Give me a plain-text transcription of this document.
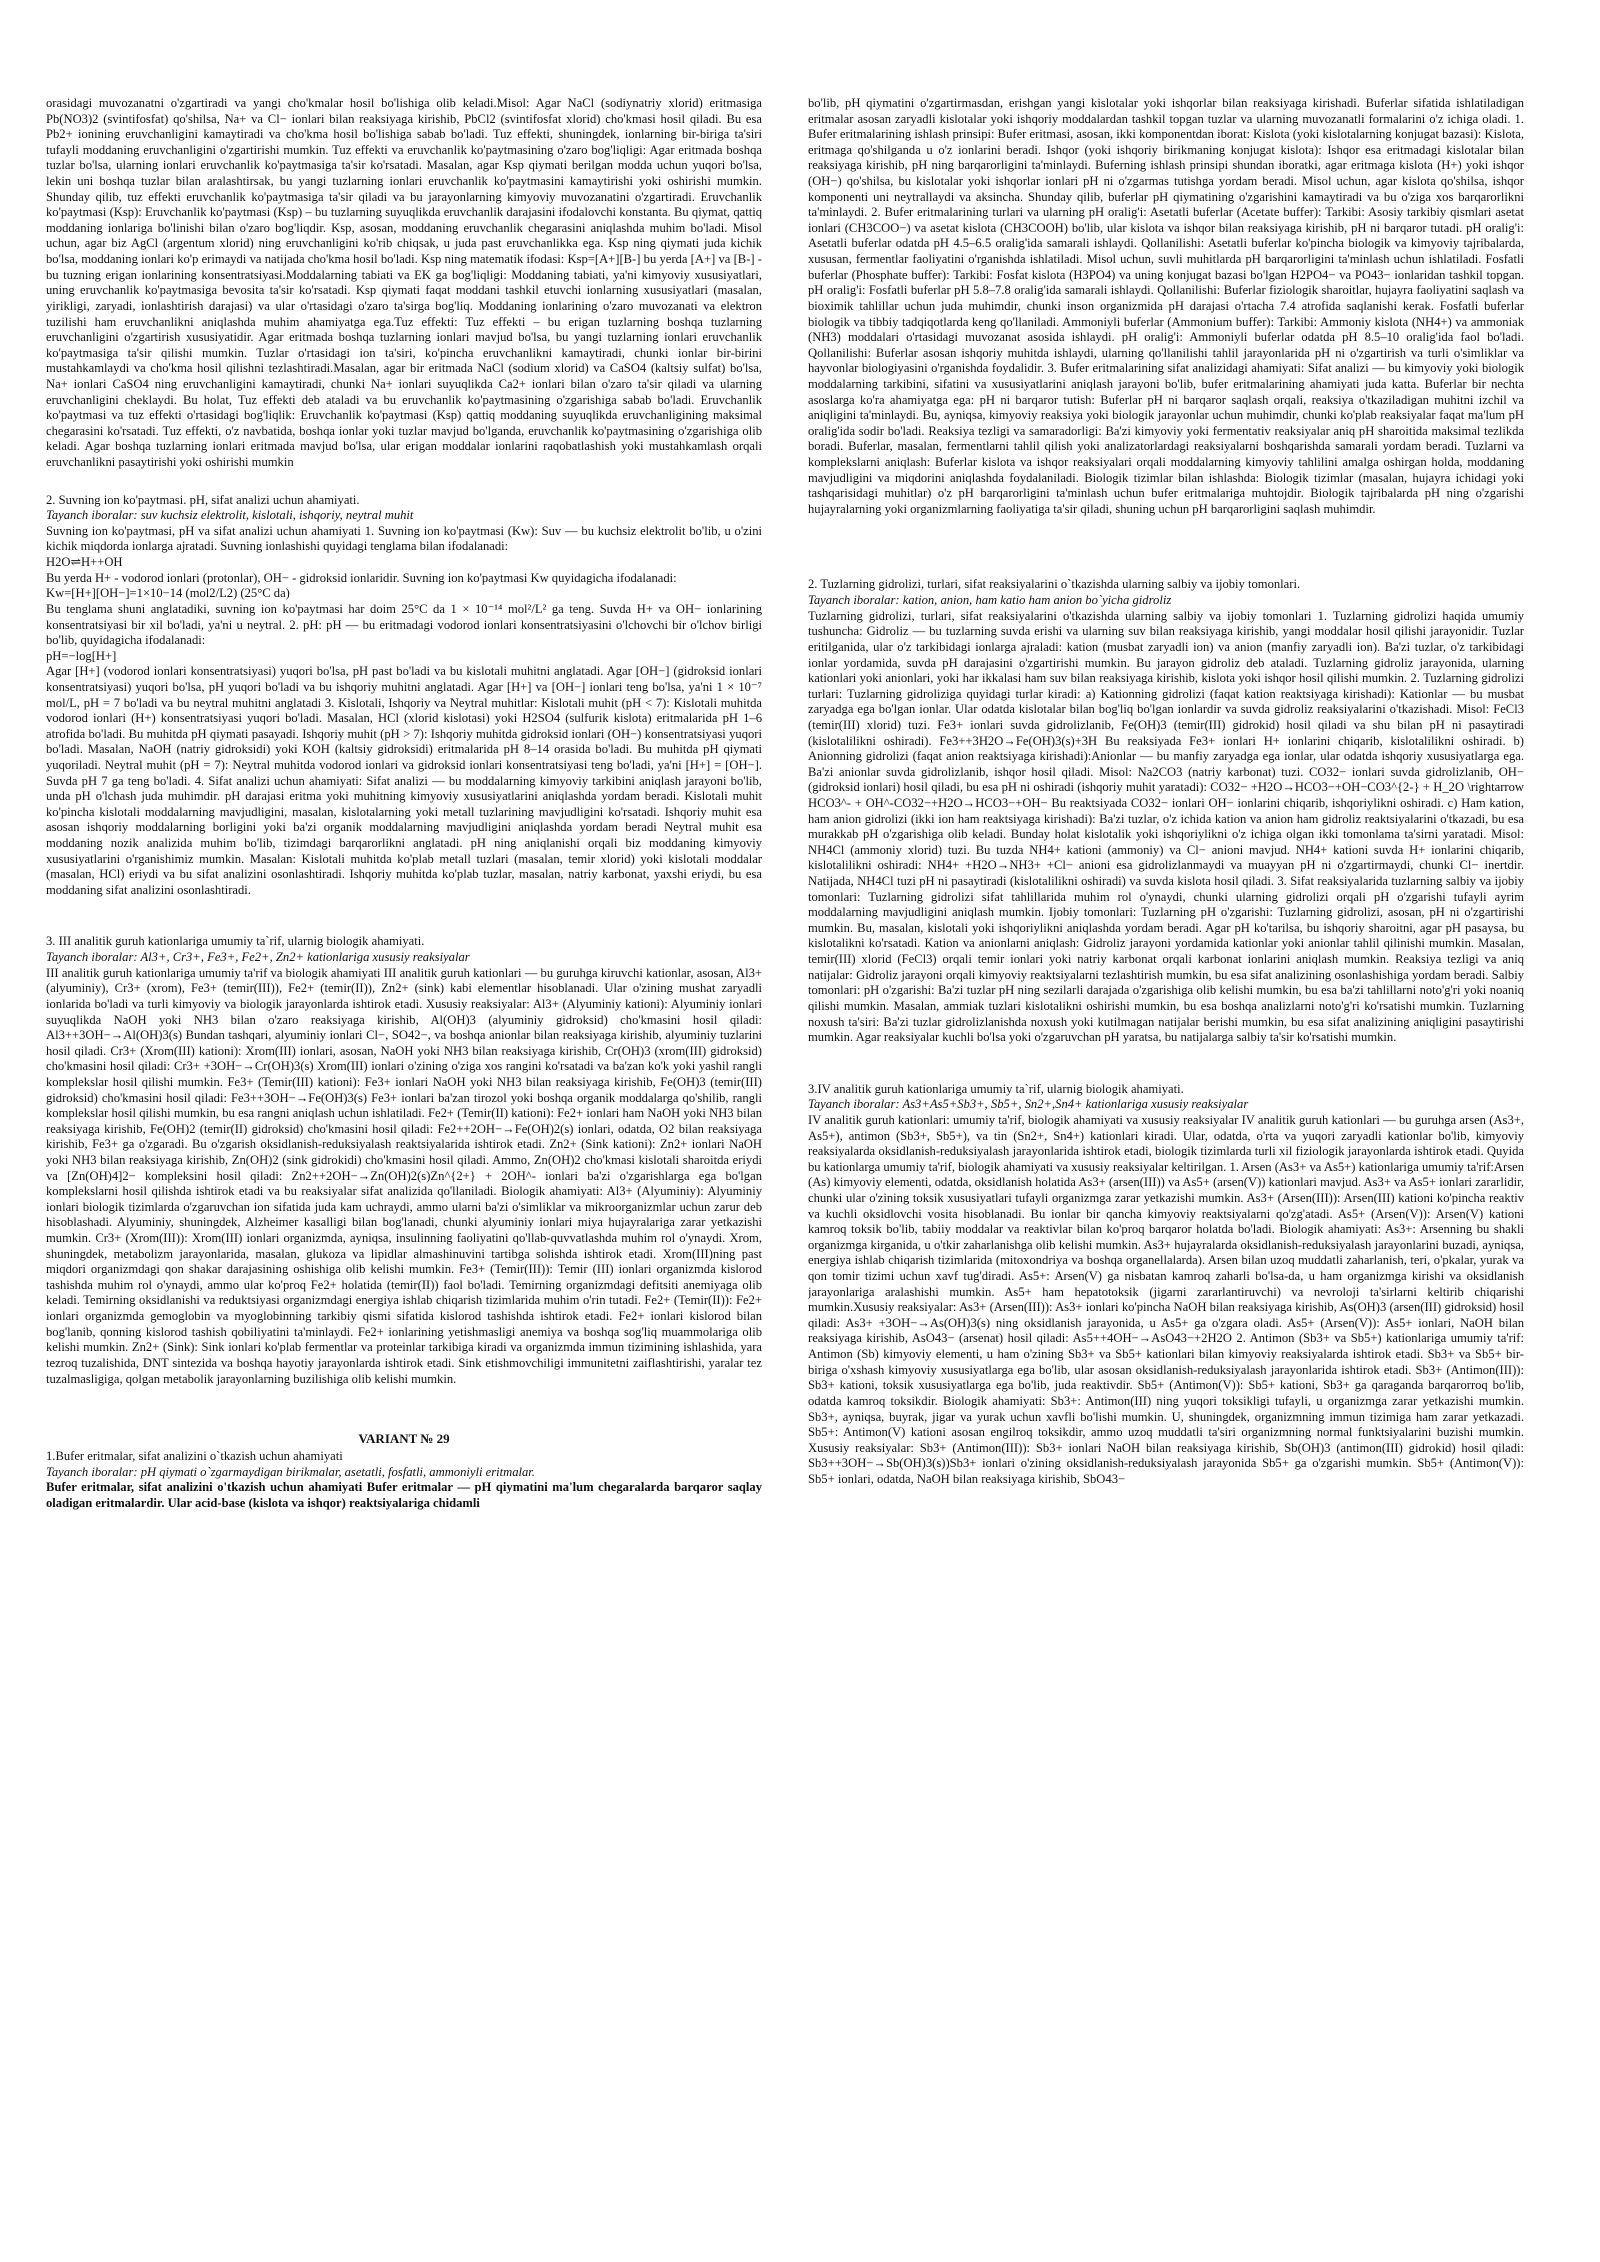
orasidagi muvozanatni o'zgartiradi va yangi cho'kmalar hosil bo'lishiga olib keladi.Misol: Agar NaCl (sodiynatriy xlorid) eritmasiga Pb(NO3)2 (svintifosfat) qo'shilsa, Na+ va Cl− ionlari bilan reaksiyaga kirishib, PbCl2 (svintifosfat xlorid) cho'kmasi hosil qiladi. Bu esa Pb2+ ionining eruvchanligini kamaytiradi va cho'kma hosil bo'lishiga sabab bo'ladi. Tuz effekti, shuningdek, ionlarning bir-biriga ta'siri tufayli moddaning eruvchanligini o'zgartirishi mumkin. Tuz effekti va eruvchanlik ko'paytmasining o'zaro bog'liqligi: Agar eritmada boshqa tuzlar bo'lsa, ularning ionlari eruvchanlik ko'paytmasiga ta'sir ko'rsatadi. Masalan, agar Ksp qiymati berilgan modda uchun yuqori bo'lsa, lekin uni boshqa tuzlar bilan aralashtirsak, bu yangi tuzlarning ionlari eruvchanlik ko'paytmasini kamaytirishi yoki oshirishi mumkin. Shunday qilib, tuz effekti eruvchanlik ko'paytmasiga ta'sir qiladi va bu jarayonlarning kimyoviy muvozanatini o'zgartiradi. Eruvchanlik ko'paytmasi (Ksp): Eruvchanlik ko'paytmasi (Ksp) – bu tuzlarning suyuqlikda eruvchanlik darajasini ifodalovchi konstanta. Bu qiymat, qattiq moddaning ionlariga bo'linishi bilan o'zaro bog'liqdir. Ksp, asosan, moddaning eruvchanlik chegarasini aniqlashda muhim bo'ladi. Misol uchun, agar biz AgCl (argentum xlorid) ning eruvchanligini ko'rib chiqsak, u juda past eruvchanlikka ega. Ksp ning qiymati juda kichik bo'lsa, moddaning ionlari ko'p erimaydi va natijada cho'kma hosil bo'ladi. Ksp ning matematik ifodasi: Ksp=[A+][B-] bu yerda [A+] va [B-] - bu tuzning erigan ionlarining konsentratsiyasi.Moddalarning tabiati va EK ga bog'liqligi: Moddaning tabiati, ya'ni kimyoviy xususiyatlari, uning eruvchanlik ko'paytmasiga bevosita ta'sir ko'rsatadi. Ksp qiymati faqat moddani tashkil etuvchi ionlarning xususiyatlari (masalan, yirikligi, zaryadi, ionlashtirish darajasi) va ular o'rtasidagi o'zaro ta'sirga bog'liq. Moddaning ionlarining o'zaro muvozanati va elektron tuzilishi ham eruvchanlikni aniqlashda muhim ahamiyatga ega.Tuz effekti: Tuz effekti – bu erigan tuzlarning boshqa tuzlarning eruvchanligini o'zgartirish xususiyatidir. Agar eritmada boshqa tuzlarning ionlari mavjud bo'lsa, bu yangi tuzlarning ionlari eruvchanlik ko'paytmasiga ta'sir qilishi mumkin. Tuzlar o'rtasidagi ion ta'siri, ko'pincha eruvchanlikni kamaytiradi, chunki ionlar bir-birini mustahkamlaydi va cho'kma hosil qilishni tezlashtiradi.Masalan, agar bir eritmada NaCl (sodium xlorid) va CaSO4 (kaltsiy sulfat) bo'lsa, Na+ ionlari CaSO4 ning eruvchanligini kamaytiradi, chunki Na+ ionlari suyuqlikda Ca2+ ionlari bilan o'zaro ta'sir qiladi va ularning eruvchanligini cheklaydi. Bu holat, Tuz effekti deb ataladi va bu eruvchanlik ko'paytmasining o'zgarishiga sabab bo'ladi. Eruvchanlik ko'paytmasi va tuz effekti o'rtasidagi bog'liqlik: Eruvchanlik ko'paytmasi (Ksp) qattiq moddaning suyuqlikda eruvchanligining maksimal chegarasini ko'rsatadi. Tuz effekti, o'z navbatida, boshqa ionlar yoki tuzlar mavjud bo'lganda, eruvchanlik ko'paytmasining o'zgarishiga olib keladi. Agar boshqa tuzlarning ionlari eritmada mavjud bo'lsa, ular erigan moddalar ionlarini raqobatlashish yoki mustahkamlash orqali eruvchanlikni pasaytirishi yoki oshirishi mumkin

2. Suvning ion ko'paytmasi. pH, sifat analizi uchun ahamiyati.

Tayanch iboralar: suv kuchsiz elektrolit, kislotali, ishqoriy, neytral muhit

Suvning ion ko'paytmasi, pH va sifat analizi uchun ahamiyati 1. Suvning ion ko'paytmasi (Kw): Suv — bu kuchsiz elektrolit bo'lib, u o'zini kichik miqdorda ionlarga ajratadi. Suvning ionlashishi quyidagi tenglama bilan ifodalanadi:

H2O⇌H++OH

Bu yerda H+ - vodorod ionlari (protonlar), OH− - gidroksid ionlaridir. Suvning ion ko'paytmasi Kw quyidagicha ifodalanadi:

Kw=[H+][OH−]=1×10−14 (mol2/L2) (25°C da)

Bu tenglama shuni anglatadiki, suvning ion ko'paytmasi har doim 25°C da 1 × 10⁻¹⁴ mol²/L² ga teng. Suvda H+ va OH− ionlarining konsentratsiyasi bir xil bo'ladi, ya'ni u neytral. 2. pH: pH — bu eritmadagi vodorod ionlari konsentratsiyasini o'lchovchi bir o'lchov birligi bo'lib, quyidagicha ifodalanadi:

pH=−log[H+]

Agar [H+] (vodorod ionlari konsentratsiyasi) yuqori bo'lsa, pH past bo'ladi va bu kislotali muhitni anglatadi. Agar [OH−] (gidroksid ionlari konsentratsiyasi) yuqori bo'lsa, pH yuqori bo'ladi va bu ishqoriy muhitni anglatadi. Agar [H+] va [OH−] ionlari teng bo'lsa, ya'ni 1 × 10⁻⁷ mol/L, pH = 7 bo'ladi va bu neytral muhitni anglatadi 3. Kislotali, Ishqoriy va Neytral muhitlar: Kislotali muhit (pH < 7): Kislotali muhitda vodorod ionlari (H+) konsentratsiyasi yuqori bo'ladi. Masalan, HCl (xlorid kislotasi) yoki H2SO4 (sulfurik kislota) eritmalarida pH 1–6 atrofida bo'ladi. Bu muhitda pH qiymati pasayadi. Ishqoriy muhit (pH > 7): Ishqoriy muhitda gidroksid ionlari (OH−) konsentratsiyasi yuqori bo'ladi. Masalan, NaOH (natriy gidroksidi) yoki KOH (kaltsiy gidroksidi) eritmalarida pH 8–14 orasida bo'ladi. Bu muhitda pH qiymati yuqoriladi. Neytral muhit (pH = 7): Neytral muhitda vodorod ionlari va gidroksid ionlari konsentratsiyasi teng bo'ladi, ya'ni [H+] = [OH−]. Suvda pH 7 ga teng bo'ladi. 4. Sifat analizi uchun ahamiyati: Sifat analizi — bu moddalarning kimyoviy tarkibini aniqlash jarayoni bo'lib, unda pH o'lchash juda muhimdir. pH darajasi eritma yoki muhitning kimyoviy xususiyatlarini aniqlashda yordam beradi. Kislotali muhit ko'pincha kislotali moddalarning mavjudligini, masalan, kislotalarning yoki metall tuzlarining mavjudligini ko'rsatadi. Ishqoriy muhit esa asosan ishqoriy moddalarning borligini yoki ba'zi organik moddalarning mavjudligini aniqlashda yordam beradi Neytral muhit esa moddaning nozik analizida muhim bo'lib, tizimdagi barqarorlikni anglatadi. pH ning aniqlanishi orqali biz moddaning kimyoviy xususiyatlarini o'rganishimiz mumkin. Masalan: Kislotali muhitda ko'plab metall tuzlari (masalan, temir xlorid) yoki kislotali moddalar (masalan, HCl) eriydi va bu sifat analizini osonlashtiradi. Ishqoriy muhitda ko'plab tuzlar, masalan, natriy karbonat, yaxshi eriydi, bu esa moddaning sifat analizini osonlashtiradi.

3. III analitik guruh kationlariga umumiy ta`rif, ularnig biologik ahamiyati.

Tayanch iboralar: Al3+, Cr3+, Fe3+, Fe2+, Zn2+ kationlariga xususiy reaksiyalar

III analitik guruh kationlariga umumiy ta'rif va biologik ahamiyati III analitik guruh kationlari — bu guruhga kiruvchi kationlar, asosan, Al3+ (alyuminiy), Cr3+ (xrom), Fe3+ (temir(III)), Fe2+ (temir(II)), Zn2+ (sink) kabi elementlar hisoblanadi. Ular o'zining mushat zaryadli ionlarida bo'ladi va turli kimyoviy va biologik jarayonlarda ishtirok etadi. Xususiy reaksiyalar: Al3+ (Alyuminiy kationi): Alyuminiy ionlari suyuqlikda NaOH yoki NH3 bilan o'zaro reaksiyaga kirishib, Al(OH)3 (alyuminiy gidroksid) cho'kmasini hosil qiladi: Al3++3OH−→Al(OH)3(s) Bundan tashqari, alyuminiy ionlari Cl−, SO42−, va boshqa anionlar bilan reaksiyaga kirishib, alyuminiy tuzlarini hosil qiladi. Cr3+ (Xrom(III) kationi): Xrom(III) ionlari, asosan, NaOH yoki NH3 bilan reaksiyaga kirishib, Cr(OH)3 (xrom(III) gidroksid) cho'kmasini hosil qiladi: Cr3+ +3OH−→Cr(OH)3(s) Xrom(III) ionlari o'zining o'ziga xos rangini ko'rsatadi va ba'zan ko'k yoki yashil rangli komplekslar hosil qilishi mumkin. Fe3+ (Temir(III) kationi): Fe3+ ionlari NaOH yoki NH3 bilan reaksiyaga kirishib, Fe(OH)3 (temir(III) gidroksid) cho'kmasini hosil qiladi: Fe3++3OH−→Fe(OH)3(s) Fe3+ ionlari ba'zan tirozol yoki boshqa organik moddalarga qo'shilib, rangli komplekslar hosil qilishi mumkin, bu esa rangni aniqlash uchun ishlatiladi. Fe2+ (Temir(II) kationi): Fe2+ ionlari ham NaOH yoki NH3 bilan reaksiyaga kirishib, Fe(OH)2 (temir(II) gidroksid) cho'kmasini hosil qiladi: Fe2++2OH−→Fe(OH)2(s) ionlari, odatda, O2 bilan reaksiyaga kirishib, Fe3+ ga o'zgaradi. Bu o'zgarish oksidlanish-reduksiyalash reaktsiyalarida ishtirok etadi. Zn2+ (Sink kationi): Zn2+ ionlari NaOH yoki NH3 bilan reaksiyaga kirishib, Zn(OH)2 (sink gidrokidi) cho'kmasini hosil qiladi. Ammo, Zn(OH)2 cho'kmasi kislotali sharoitda eriydi va [Zn(OH)4]2− kompleksini hosil qiladi: Zn2++2OH−→Zn(OH)2(s)Zn^{2+} + 2OH^- ionlari ba'zi o'zgarishlarga ega bo'lgan komplekslarni hosil qilishda ishtirok etadi va bu reaksiyalar sifat analizida qo'llaniladi. Biologik ahamiyati: Al3+ (Alyuminiy): Alyuminiy ionlari biologik tizimlarda o'zgaruvchan ion sifatida juda kam uchraydi, ammo ularni ba'zi o'simliklar va mikroorganizmlar uchun zarur deb hisoblashadi. Alyuminiy, shuningdek, Alzheimer kasalligi bilan bog'lanadi, chunki alyuminiy ionlari miya hujayralariga zarar yetkazishi mumkin. Cr3+ (Xrom(III)): Xrom(III) ionlari organizmda, ayniqsa, insulinning faoliyatini qo'llab-quvvatlashda muhim rol o'ynaydi. Xrom, shuningdek, metabolizm jarayonlarida, masalan, glukoza va lipidlar almashinuvini tartibga solishda ishtirok etadi. Xrom(III)ning past miqdori organizmdagi qon shakar darajasining oshishiga olib kelishi mumkin. Fe3+ (Temir(III)): Temir (III) ionlari organizmda kislorod tashishda muhim rol o'ynaydi, ammo ular ko'proq Fe2+ holatida (temir(II)) faol bo'ladi. Temirning organizmdagi defitsiti anemiyaga olib keladi. Temirning oksidlanishi va reduktsiyasi organizmdagi energiya ishlab chiqarish tizimlarida muhim o'rin tutadi. Fe2+ (Temir(II)): Fe2+ ionlari organizmda gemoglobin va myoglobinning tarkibiy qismi sifatida kislorod tashishda ishtirok etadi. Fe2+ ionlari kislorod bilan bog'lanib, qonning kislorod tashish qobiliyatini ta'minlaydi. Fe2+ ionlarining yetishmasligi anemiya va boshqa sog'liq muammolariga olib kelishi mumkin. Zn2+ (Sink): Sink ionlari ko'plab fermentlar va proteinlar tarkibiga kiradi va organizmda immun tizimining ishlashida, yara tezroq tuzalishida, DNT sintezida va boshqa hayotiy jarayonlarda ishtirok etadi. Sink etishmovchiligi immunitetni zaiflashtirishi, yaralar tez tuzalmasligiga, qolgan metabolik jarayonlarning buzilishiga olib kelishi mumkin.

VARIANT № 29

1.Bufer eritmalar, sifat analizini o`tkazish uchun ahamiyati

Tayanch iboralar: pH qiymati o`zgarmaydigan birikmalar, asetatli, fosfatli, ammoniyli eritmalar.

Bufer eritmalar, sifat analizini o'tkazish uchun ahamiyati Bufer eritmalar — pH qiymatini ma'lum chegaralarda barqaror saqlay oladigan eritmalardir. Ular acid-base (kislota va ishqor) reaktsiyalariga chidamli

bo'lib, pH qiymatini o'zgartirmasdan, erishgan yangi kislotalar yoki ishqorlar bilan reaksiyaga kirishadi. Buferlar sifatida ishlatiladigan eritmalar asosan zaryadli kislotalar yoki ishqoriy moddalardan tashkil topgan tuzlar va ularning muvozanatli formalarini o'z ichiga oladi. 1. Bufer eritmalarining ishlash prinsipi: Bufer eritmasi, asosan, ikki komponentdan iborat: Kislota (yoki kislotalarning konjugat bazasi): Kislota, eritmaga qo'shilganda u o'z ionlarini beradi. Ishqor (yoki ishqoriy birikmaning konjugat kislota): Ishqor esa eritmadagi kislotalar bilan reaksiyaga kirishib, pH ning barqarorligini ta'minlaydi. Buferning ishlash prinsipi shundan iboratki, agar eritmaga kislota (H+) yoki ishqor (OH−) qo'shilsa, bu kislotalar yoki ishqorlar ionlari pH ni o'zgarmas tutishga yordam beradi. Misol uchun, agar kislota qo'shilsa, ishqor komponenti uni neytrallaydi va aksincha. Shunday qilib, buferlar pH qiymatining o'zgarishini kamaytiradi va bu o'ziga xos barqarorlikni ta'minlaydi. 2. Bufer eritmalarining turlari va ularning pH oralig'i: Asetatli buferlar (Acetate buffer): Tarkibi: Asosiy tarkibiy qismlari asetat ionlari (CH3COO−) va asetat kislota (CH3COOH) bo'lib, ular kislota va ishqor bilan reaksiyaga kirishib, pH ni barqaror tutadi. pH oralig'i: Asetatli buferlar odatda pH 4.5–6.5 oralig'ida samarali ishlaydi. Qollanilishi: Asetatli buferlar ko'pincha biologik va kimyoviy tajribalarda, xususan, fermentlar faoliyatini o'rganishda ishlatiladi. Misol uchun, suvli muhitlarda pH barqarorligini ta'minlash uchun ishlatiladi. Fosfatli buferlar (Phosphate buffer): Tarkibi: Fosfat kislota (H3PO4) va uning konjugat bazasi bo'lgan H2PO4− va PO43− ionlaridan tashkil topgan. pH oralig'i: Fosfatli buferlar pH 5.8–7.8 oralig'ida samarali ishlaydi. Qollanilishi: Buferlar fiziologik sharoitlar, hujayra faoliyatini saqlash va bioximik tahlillar uchun juda muhimdir, chunki inson organizmida pH darajasi o'rtacha 7.4 atrofida saqlanishi kerak. Fosfatli buferlar biologik va tibbiy tadqiqotlarda keng qo'llaniladi. Ammoniyli buferlar (Ammonium buffer): Tarkibi: Ammoniy kislota (NH4+) va ammoniak (NH3) moddalari o'rtasidagi muvozanat asosida ishlaydi. pH oralig'i: Ammoniyli buferlar odatda pH 8.5–10 oralig'ida faol bo'ladi. Qollanilishi: Buferlar asosan ishqoriy muhitda ishlaydi, ularning qo'llanilishi tahlil jarayonlarida pH ni o'zgartirish va turli o'simliklar va hayvonlar biologiyasini o'rganishda foydalidir. 3. Bufer eritmalarining sifat analizidagi ahamiyati: Sifat analizi — bu kimyoviy yoki biologik moddalarning tarkibini, sifatini va xususiyatlarini aniqlash jarayoni bo'lib, bufer eritmalarining ahamiyati juda katta. Buferlar bir nechta asoslarga ko'ra ahamiyatga ega: pH ni barqaror tutish: Buferlar pH ni barqaror saqlash orqali, reaksiya o'tkaziladigan muhitni izchil va aniqligini ta'minlaydi. Bu, ayniqsa, kimyoviy reaksiya yoki biologik jarayonlar uchun muhimdir, chunki ko'plab reaksiyalar faqat ma'lum pH oralig'ida sodir bo'ladi. Reaksiya tezligi va samaradorligi: Ba'zi kimyoviy yoki fermentativ reaksiyalar aniq pH sharoitida maksimal tezlikda boradi. Buferlar, masalan, fermentlarni tahlil qilish yoki analizatorlardagi reaksiyalarni boshqarishda samarali yordam beradi. Tuzlarni va komplekslarni aniqlash: Buferlar kislota va ishqor reaksiyalari orqali moddalarning kimyoviy tahlilini amalga oshirgan holda, moddaning mavjudligini va miqdorini aniqlashda foydalaniladi. Biologik tizimlar bilan ishlashda: Biologik tizimlar (masalan, hujayra ichidagi yoki tashqarisidagi muhitlar) o'z pH barqarorligini ta'minlash uchun bufer eritmalariga muhtojdir. Biologik tajribalarda pH ning o'zgarishi hujayralarning yoki organizmlarning faoliyatiga ta'sir qiladi, shuning uchun pH barqarorligini saqlash muhimdir.

2. Tuzlarning gidrolizi, turlari, sifat reaksiyalarini o`tkazishda ularning salbiy va ijobiy tomonlari.

Tayanch iboralar: kation, anion, ham katio ham anion bo`yicha gidroliz

Tuzlarning gidrolizi, turlari, sifat reaksiyalarini o'tkazishda ularning salbiy va ijobiy tomonlari 1. Tuzlarning gidrolizi haqida umumiy tushuncha: Gidroliz — bu tuzlarning suvda erishi va ularning suv bilan reaksiyaga kirishib, yangi moddalar hosil qilishi jarayonidir. Tuzlar eritilganida, ular o'z tarkibidagi ionlarga ajraladi: kation (musbat zaryadli ion) va anion (manfiy zaryadli ion). Ba'zi tuzlar, o'z tarkibidagi ionlar yordamida, suvda pH darajasini o'zgartirishi mumkin. Bu jarayon gidroliz deb ataladi. Tuzlarning gidroliz jarayonida, ularning kationlari yoki anionlari, yoki har ikkalasi ham suv bilan reaksiyaga kirishib, kislota yoki ishqor hosil qilishi mumkin. 2. Tuzlarning gidrolizi turlari: Tuzlarning gidroliziga quyidagi turlar kiradi: a) Kationning gidrolizi (faqat kation reaktsiyaga kirishadi): Kationlar — bu musbat zaryadga ega bo'lgan ionlar. Ular odatda kislotalar bilan bog'liq bo'lgan ionlardir va suvda gidroliz reaksiyalarini o'tkazishadi. Misol: FeCl3 (temir(III) xlorid) tuzi. Fe3+ ionlari suvda gidrolizlanib, Fe(OH)3 (temir(III) gidrokid) hosil qiladi va shu bilan pH ni pasaytiradi (kislotalilikni oshiradi). Fe3++3H2O→Fe(OH)3(s)+3H Bu reaksiyada Fe3+ ionlari H+ ionlarini chiqarib, kislotalilikni oshiradi. b) Anionning gidrolizi (faqat anion reaktsiyaga kirishadi):Anionlar — bu manfiy zaryadga ega ionlar, ular odatda ishqoriy xususiyatlarga ega. Ba'zi anionlar suvda gidrolizlanib, ishqor hosil qiladi. Misol: Na2CO3 (natriy karbonat) tuzi. CO32− ionlari suvda gidrolizlanib, OH− (gidroksid ionlari) hosil qiladi, bu esa pH ni oshiradi (ishqoriy muhit yaratadi): CO32− +H2O→HCO3−+OH−CO3^{2-} + H_2O \rightarrow HCO3^- + OH^-CO32−+H2O→HCO3−+OH− Bu reaktsiyada CO32− ionlari OH− ionlarini chiqarib, ishqoriylikni oshiradi. c) Ham kation, ham anion gidrolizi (ikki ion ham reaktsiyaga kirishadi): Ba'zi tuzlar, o'z ichida kation va anion ham gidroliz reaktsiyalarini o'tkazadi, bu esa murakkab pH o'zgarishiga olib keladi. Bunday holat kislotalik yoki ishqoriylikni o'z ichiga olgan ikki tomonlama ta'sirni yaratadi. Misol: NH4Cl (ammoniy xlorid) tuzi. Bu tuzda NH4+ kationi (ammoniy) va Cl− anioni mavjud. NH4+ kationi suvda H+ ionlarini chiqarib, kislotalilikni oshiradi: NH4+ +H2O→NH3+ +Cl− anioni esa gidrolizlanmaydi va muayyan pH ni o'zgartirmaydi, chunki Cl− inertdir. Natijada, NH4Cl tuzi pH ni pasaytiradi (kislotalilikni oshiradi) va suvda kislota hosil qiladi. 3. Sifat reaksiyalarida tuzlarning salbiy va ijobiy tomonlari: Tuzlarning gidrolizi sifat tahlillarida muhim rol o'ynaydi, chunki ularning gidrolizi orqali pH o'zgarishi tufayli ayrim moddalarning mavjudligini aniqlash mumkin. Ijobiy tomonlari: Tuzlarning pH o'zgarishi: Tuzlarning gidrolizi, asosan, pH ni o'zgartirishi mumkin. Bu, masalan, kislotali yoki ishqoriylikni aniqlashda yordam beradi. Agar pH ko'tarilsa, bu ishqoriy sharoitni, agar pH pasaysa, bu kislotalikni ko'rsatadi. Kation va anionlarni aniqlash: Gidroliz jarayoni yordamida kationlar yoki anionlar tahlil qilinishi mumkin. Masalan, temir(III) xlorid (FeCl3) orqali temir ionlari yoki natriy karbonat orqali karbonat ionlarini aniqlash mumkin. Reaksiya tezligi va aniq natijalar: Gidroliz jarayoni orqali kimyoviy reaktsiyalarni tezlashtirish mumkin, bu esa sifat analizining osonlashishiga yordam beradi. Salbiy tomonlari: pH o'zgarishi: Ba'zi tuzlar pH ning sezilarli darajada o'zgarishiga olib kelishi mumkin, bu esa ba'zi tahlillarni noto'g'ri yoki noaniq qilishi mumkin. Masalan, ammiak tuzlari kislotalikni oshirishi mumkin, bu esa boshqa analizlarni noto'g'ri ko'rsatishi mumkin. Tuzlarning noxush ta'siri: Ba'zi tuzlar gidrolizlanishda noxush yoki kutilmagan natijalar berishi mumkin, bu esa sifat analizining aniqligini pasaytirishi mumkin. Agar reaksiyalar kuchli bo'lsa yoki o'zgaruvchan pH yaratsa, bu natijalarga salbiy ta'sir ko'rsatishi mumkin.

3.IV analitik guruh kationlariga umumiy ta`rif, ularnig biologik ahamiyati.

Tayanch iboralar: As3+As5+Sb3+, Sb5+, Sn2+,Sn4+ kationlariga xususiy reaksiyalar

IV analitik guruh kationlari: umumiy ta'rif, biologik ahamiyati va xususiy reaksiyalar IV analitik guruh kationlari — bu guruhga arsen (As3+, As5+), antimon (Sb3+, Sb5+), va tin (Sn2+, Sn4+) kationlari kiradi. Ular, odatda, o'rta va yuqori zaryadli kationlar bo'lib, kimyoviy reaksiyalarda oksidlanish-reduksiyalash jarayonlarida ishtirok etadi, biologik tizimlarda turli xil fiziologik jarayonlarda ishtirok etadi. Quyida bu kationlarga umumiy ta'rif, biologik ahamiyati va xususiy reaksiyalar keltirilgan. 1. Arsen (As3+ va As5+) kationlariga umumiy ta'rif:Arsen (As) kimyoviy elementi, odatda, oksidlanish holatida As3+ (arsen(III)) va As5+ (arsen(V)) kationlari mavjud. As3+ va As5+ ionlari zararlidir, chunki ular o'zining toksik xususiyatlari tufayli organizmga zarar yetkazishi mumkin. As3+ (Arsen(III)): Arsen(III) kationi ko'pincha reaktiv va kuchli oksidlovchi vosita hisoblanadi. Bu ionlar bir qancha kimyoviy reaktsiyalarni qo'zg'atadi. As5+ (Arsen(V)): Arsen(V) kationi kamroq toksik bo'lib, tabiiy moddalar va reaktivlar bilan ko'proq barqaror holatda bo'ladi. Biologik ahamiyati: As3+: Arsenning bu shakli organizmga kirganida, u o'tkir zaharlanishga olib kelishi mumkin. As3+ hujayralarda oksidlanish-reduksiyalash jarayonlarini buzadi, ayniqsa, energiya ishlab chiqarish tizimlarida (mitoxondriya va boshqa organellalarda). Arsen bilan uzoq muddatli zaharlanish, teri, o'pkalar, yurak va qon tomir tizimi uchun xavf tug'diradi. As5+: Arsen(V) ga nisbatan kamroq zaharli bo'lsa-da, u ham organizmga kirishi va oksidlanish jarayonlariga aralashishi mumkin. As5+ ham hepatotoksik (jigarni zararlantiruvchi) va nevroloji ta'sirlarni keltirib chiqarishi mumkin.Xususiy reaksiyalar: As3+ (Arsen(III)): As3+ ionlari ko'pincha NaOH bilan reaksiyaga kirishib, As(OH)3 (arsen(III) gidroksid) hosil qiladi: As3+ +3OH−→As(OH)3(s) ning oksidlanish jarayonida, u As5+ ga o'zgara oladi. As5+ (Arsen(V)): As5+ ionlari, NaOH bilan reaksiyaga kirishib, AsO43− (arsenat) hosil qiladi: As5++4OH−→AsO43−+2H2O 2. Antimon (Sb3+ va Sb5+) kationlariga umumiy ta'rif: Antimon (Sb) kimyoviy elementi, u ham o'zining Sb3+ va Sb5+ kationlari bilan kimyoviy reaksiyalarda ishtirok etadi. Sb3+ va Sb5+ bir-biriga o'xshash kimyoviy xususiyatlarga ega bo'lib, ular asosan oksidlanish-reduksiyalash jarayonlarida ishtirok etadi. Sb3+ (Antimon(III)): Sb3+ kationi, toksik xususiyatlarga ega bo'lib, juda reaktivdir. Sb5+ (Antimon(V)): Sb5+ kationi, Sb3+ ga qaraganda barqarorroq bo'lib, odatda kamroq toksikdir. Biologik ahamiyati: Sb3+: Antimon(III) ning yuqori toksikligi tufayli, u organizmga zarar yetkazishi mumkin. Sb3+, ayniqsa, buyrak, jigar va yurak uchun xavfli bo'lishi mumkin. U, shuningdek, organizmning immun tizimiga ham zarar yetkazadi. Sb5+: Antimon(V) kationi asosan engilroq toksikdir, ammo uzoq muddatli ta'siri organizmning normal funktsiyalarini buzishi mumkin. Xususiy reaksiyalar: Sb3+ (Antimon(III)): Sb3+ ionlari NaOH bilan reaksiyaga kirishib, Sb(OH)3 (antimon(III) gidrokid) hosil qiladi: Sb3++3OH−→Sb(OH)3(s))Sb3+ ionlari o'zining oksidlanish-reduksiyalash jarayonida Sb5+ ga o'zgarishi mumkin. Sb5+ (Antimon(V)): Sb5+ ionlari, odatda, NaOH bilan reaksiyaga kirishib, SbO43−
